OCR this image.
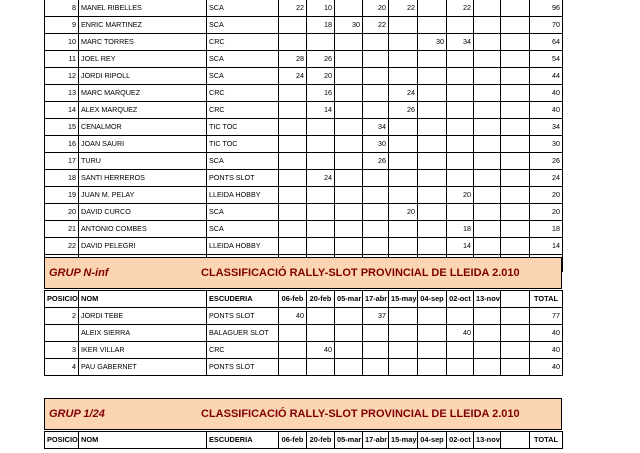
8	MANEL RIBELLES	SCA	22	10		20	22		22			96
9	ENRIC MARTINEZ	SCA		18	30	22						70
10	MARC TORRES	CRC						30	34			64
11	JOEL REY	SCA	28	26								54
12	JORDI RIPOLL	SCA	24	20								44
13	MARC MARQUEZ	CRC		16			24					40
14	ALEX MARQUEZ	CRC		14			26					40
15	CENALMOR	TIC TOC				34						34
16	JOAN SAURI	TIC TOC				30						30
17	TURU	SCA				26						26
18	SANTI HERREROS	PONTS SLOT		24								24
19	JUAN M. PELAY	LLEIDA HOBBY							20			20
20	DAVID CURCO	SCA					20					20
21	ANTONIO COMBES	SCA							18			18
22	DAVID PELEGRI	LLEIDA HOBBY							14			14

GRUP N-inf	CLASSIFICACIÓ RALLY-SLOT PROVINCIAL DE LLEIDA 2.010
POSICIO	NOM	ESCUDERIA	06-feb	20-feb	05-mar	17-abr	15-may	04-sep	02-oct	13-nov		TOTAL
2	JORDI TEBE	PONTS SLOT	40			37						77
	ALEIX SIERRA	BALAGUER SLOT							40			40
3	IKER VILLAR	CRC		40								40
4	PAU GABERNET	PONTS SLOT										40
GRUP 1/24	CLASSIFICACIÓ RALLY-SLOT PROVINCIAL DE LLEIDA 2.010
POSICIO	NOM	ESCUDERIA	06-feb	20-feb	05-mar	17-abr	15-may	04-sep	02-oct	13-nov		TOTAL
